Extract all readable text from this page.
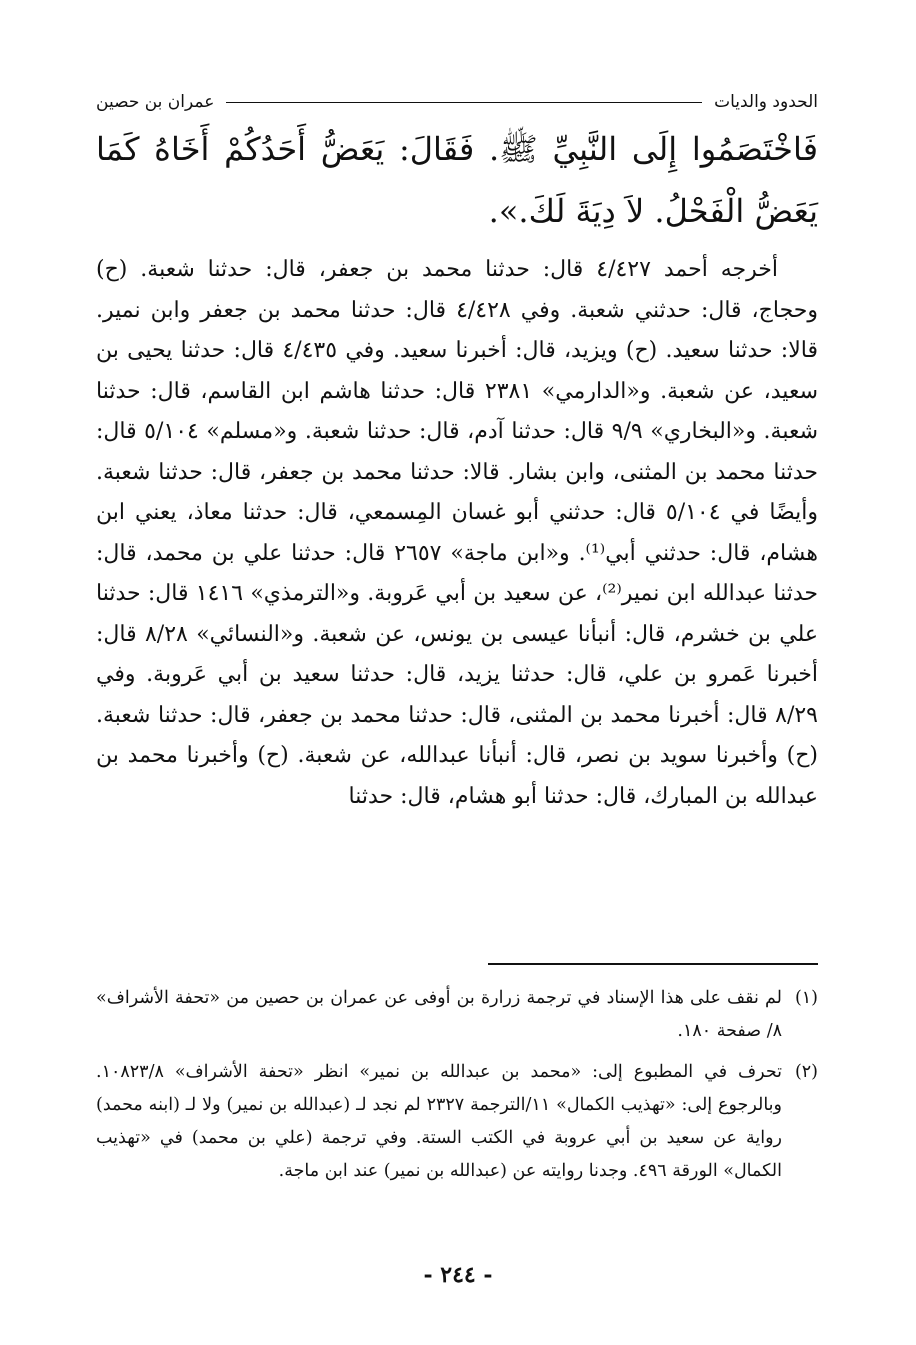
الحدود والديات
عمران بن حصين
فَاخْتَصَمُوا إِلَى النَّبِيِّ ﷺ. فَقَالَ: يَعَضُّ أَحَدُكُمْ أَخَاهُ كَمَا يَعَضُّ الْفَحْلُ. لاَ دِيَةَ لَكَ.».

أخرجه أحمد ٤/٤٢٧ قال: حدثنا محمد بن جعفر، قال: حدثنا شعبة. (ح) وحجاج، قال: حدثني شعبة. وفي ٤/٤٢٨ قال: حدثنا محمد بن جعفر وابن نمير. قالا: حدثنا سعيد. (ح) ويزيد، قال: أخبرنا سعيد. وفي ٤/٤٣٥ قال: حدثنا يحيى بن سعيد، عن شعبة. و«الدارمي» ٢٣٨١ قال: حدثنا هاشم ابن القاسم، قال: حدثنا شعبة. و«البخاري» ٩/٩ قال: حدثنا آدم، قال: حدثنا شعبة. و«مسلم» ٥/١٠٤ قال: حدثنا محمد بن المثنى، وابن بشار. قالا: حدثنا محمد بن جعفر، قال: حدثنا شعبة. وأيضًا في ٥/١٠٤ قال: حدثني أبو غسان المِسمعي، قال: حدثنا معاذ، يعني ابن هشام، قال: حدثني أبي⁽¹⁾. و«ابن ماجة» ٢٦٥٧ قال: حدثنا علي بن محمد، قال: حدثنا عبدالله ابن نمير⁽²⁾، عن سعيد بن أبي عَروبة. و«الترمذي» ١٤١٦ قال: حدثنا علي بن خشرم، قال: أنبأنا عيسى بن يونس، عن شعبة. و«النسائي» ٨/٢٨ قال: أخبرنا عَمرو بن علي، قال: حدثنا يزيد، قال: حدثنا سعيد بن أبي عَروبة. وفي ٨/٢٩ قال: أخبرنا محمد بن المثنى، قال: حدثنا محمد بن جعفر، قال: حدثنا شعبة. (ح) وأخبرنا سويد بن نصر، قال: أنبأنا عبدالله، عن شعبة. (ح) وأخبرنا محمد بن عبدالله بن المبارك، قال: حدثنا أبو هشام، قال: حدثنا

(١)
لم نقف على هذا الإسناد في ترجمة زرارة بن أوفى عن عمران بن حصين من «تحفة الأشراف» ٨/ صفحة ١٨٠.
(٢)
تحرف في المطبوع إلى: «محمد بن عبدالله بن نمير» انظر «تحفة الأشراف» ١٠٨٢٣/٨. وبالرجوع إلى: «تهذيب الكمال» ١١/الترجمة ٢٣٢٧ لم نجد لـ (عبدالله بن نمير) ولا لـ (ابنه محمد) رواية عن سعيد بن أبي عروبة في الكتب الستة. وفي ترجمة (علي بن محمد) في «تهذيب الكمال» الورقة ٤٩٦. وجدنا روايته عن (عبدالله بن نمير) عند ابن ماجة.
- ٢٤٤ -
